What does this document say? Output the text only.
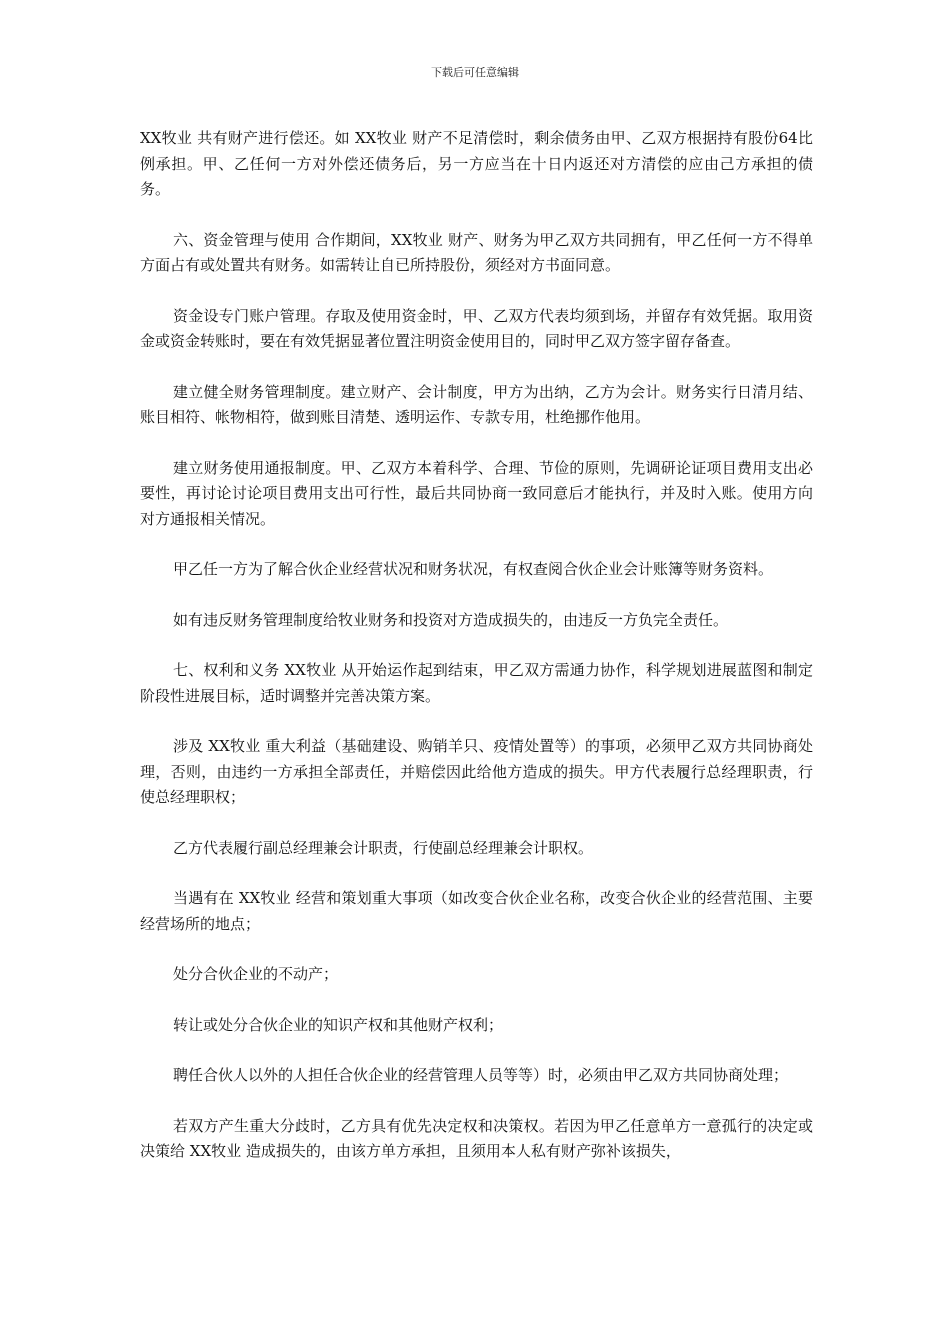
下载后可任意编辑

XX牧业 共有财产进行偿还。如 XX牧业 财产不足清偿时，剩余债务由甲、乙双方根据持有股份64比例承担。甲、乙任何一方对外偿还债务后，另一方应当在十日内返还对方清偿的应由己方承担的债务。

六、资金管理与使用 合作期间，XX牧业 财产、财务为甲乙双方共同拥有，甲乙任何一方不得单方面占有或处置共有财务。如需转让自已所持股份，须经对方书面同意。

资金设专门账户管理。存取及使用资金时，甲、乙双方代表均须到场，并留存有效凭据。取用资金或资金转账时，要在有效凭据显著位置注明资金使用目的，同时甲乙双方签字留存备查。

建立健全财务管理制度。建立财产、会计制度，甲方为出纳，乙方为会计。财务实行日清月结、账目相符、帐物相符，做到账目清楚、透明运作、专款专用，杜绝挪作他用。

建立财务使用通报制度。甲、乙双方本着科学、合理、节俭的原则，先调研论证项目费用支出必要性，再讨论讨论项目费用支出可行性，最后共同协商一致同意后才能执行，并及时入账。使用方向对方通报相关情况。

甲乙任一方为了解合伙企业经营状况和财务状况，有权查阅合伙企业会计账簿等财务资料。

如有违反财务管理制度给牧业财务和投资对方造成损失的，由违反一方负完全责任。

七、权利和义务 XX牧业 从开始运作起到结束，甲乙双方需通力协作，科学规划进展蓝图和制定阶段性进展目标，适时调整并完善决策方案。

涉及 XX牧业 重大利益（基础建设、购销羊只、疫情处置等）的事项，必须甲乙双方共同协商处理，否则，由违约一方承担全部责任，并赔偿因此给他方造成的损失。甲方代表履行总经理职责，行使总经理职权；

乙方代表履行副总经理兼会计职责，行使副总经理兼会计职权。

当遇有在 XX牧业 经营和策划重大事项（如改变合伙企业名称，改变合伙企业的经营范围、主要经营场所的地点；

处分合伙企业的不动产；

转让或处分合伙企业的知识产权和其他财产权利；

聘任合伙人以外的人担任合伙企业的经营管理人员等等）时，必须由甲乙双方共同协商处理；

若双方产生重大分歧时，乙方具有优先决定权和决策权。若因为甲乙任意单方一意孤行的决定或决策给 XX牧业 造成损失的，由该方单方承担，且须用本人私有财产弥补该损失，
